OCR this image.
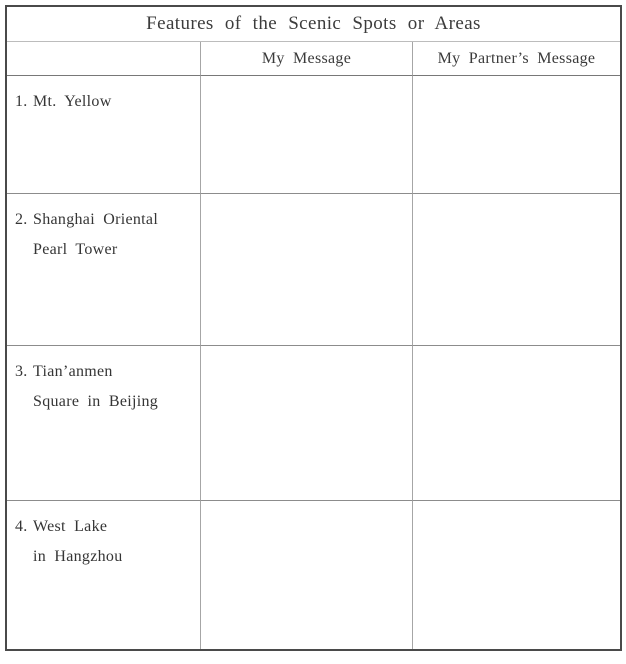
Features of the Scenic Spots or Areas		
	My Message	My Partner’s Message

1. Mt. Yellow		

2. Shanghai Oriental
Pearl Tower		

3. Tian’anmen
Square in Beijing		

4. West Lake
in Hangzhou		
